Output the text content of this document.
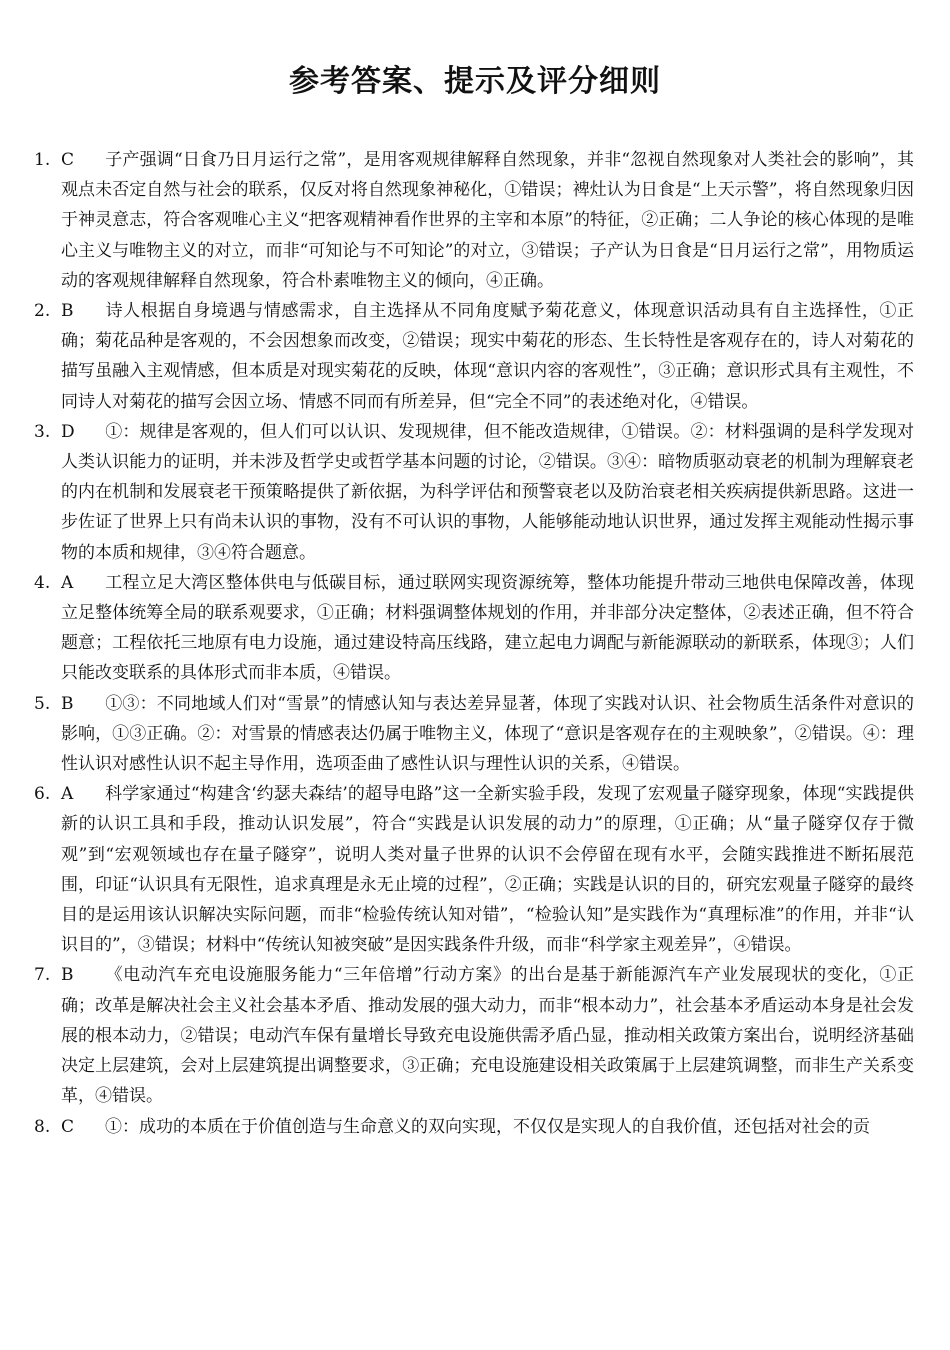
参考答案、提示及评分细则
1. C	子产强调“日食乃日月运行之常”，是用客观规律解释自然现象，并非“忽视自然现象对人类社会的影响”，其观点未否定自然与社会的联系，仅反对将自然现象神秘化，①错误；裨灶认为日食是“上天示警”，将自然现象归因于神灵意志，符合客观唯心主义“把客观精神看作世界的主宰和本原”的特征，②正确；二人争论的核心体现的是唯心主义与唯物主义的对立，而非“可知论与不可知论”的对立，③错误；子产认为日食是“日月运行之常”，用物质运动的客观规律解释自然现象，符合朴素唯物主义的倾向，④正确。
2. B	诗人根据自身境遇与情感需求，自主选择从不同角度赋予菊花意义，体现意识活动具有自主选择性，①正确；菊花品种是客观的，不会因想象而改变，②错误；现实中菊花的形态、生长特性是客观存在的，诗人对菊花的描写虽融入主观情感，但本质是对现实菊花的反映，体现“意识内容的客观性”，③正确；意识形式具有主观性，不同诗人对菊花的描写会因立场、情感不同而有所差异，但“完全不同”的表述绝对化，④错误。
3. D	①：规律是客观的，但人们可以认识、发现规律，但不能改造规律，①错误。②：材料强调的是科学发现对人类认识能力的证明，并未涉及哲学史或哲学基本问题的讨论，②错误。③④：暗物质驱动衰老的机制为理解衰老的内在机制和发展衰老干预策略提供了新依据，为科学评估和预警衰老以及防治衰老相关疾病提供新思路。这进一步佐证了世界上只有尚未认识的事物，没有不可认识的事物，人能够能动地认识世界，通过发挥主观能动性揭示事物的本质和规律，③④符合题意。
4. A	工程立足大湾区整体供电与低碳目标，通过联网实现资源统筹，整体功能提升带动三地供电保障改善，体现立足整体统筹全局的联系观要求，①正确；材料强调整体规划的作用，并非部分决定整体，②表述正确，但不符合题意；工程依托三地原有电力设施，通过建设特高压线路，建立起电力调配与新能源联动的新联系，体现③；人们只能改变联系的具体形式而非本质，④错误。
5. B	①③：不同地域人们对“雪景”的情感认知与表达差异显著，体现了实践对认识、社会物质生活条件对意识的影响，①③正确。②：对雪景的情感表达仍属于唯物主义，体现了“意识是客观存在的主观映象”，②错误。④：理性认识对感性认识不起主导作用，选项歪曲了感性认识与理性认识的关系，④错误。
6. A	科学家通过“构建含‘约瑟夫森结’的超导电路”这一全新实验手段，发现了宏观量子隧穿现象，体现“实践提供新的认识工具和手段，推动认识发展”，符合“实践是认识发展的动力”的原理，①正确；从“量子隧穿仅存于微观”到“宏观领域也存在量子隧穿”，说明人类对量子世界的认识不会停留在现有水平，会随实践推进不断拓展范围，印证“认识具有无限性，追求真理是永无止境的过程”，②正确；实践是认识的目的，研究宏观量子隧穿的最终目的是运用该认识解决实际问题，而非“检验传统认知对错”，“检验认知”是实践作为“真理标准”的作用，并非“认识目的”，③错误；材料中“传统认知被突破”是因实践条件升级，而非“科学家主观差异”，④错误。
7. B	《电动汽车充电设施服务能力“三年倍增”行动方案》的出台是基于新能源汽车产业发展现状的变化，①正确；改革是解决社会主义社会基本矛盾、推动发展的强大动力，而非“根本动力”，社会基本矛盾运动本身是社会发展的根本动力，②错误；电动汽车保有量增长导致充电设施供需矛盾凸显，推动相关政策方案出台，说明经济基础决定上层建筑，会对上层建筑提出调整要求，③正确；充电设施建设相关政策属于上层建筑调整，而非生产关系变革，④错误。
8. C	①：成功的本质在于价值创造与生命意义的双向实现，不仅仅是实现人的自我价值，还包括对社会的贡
